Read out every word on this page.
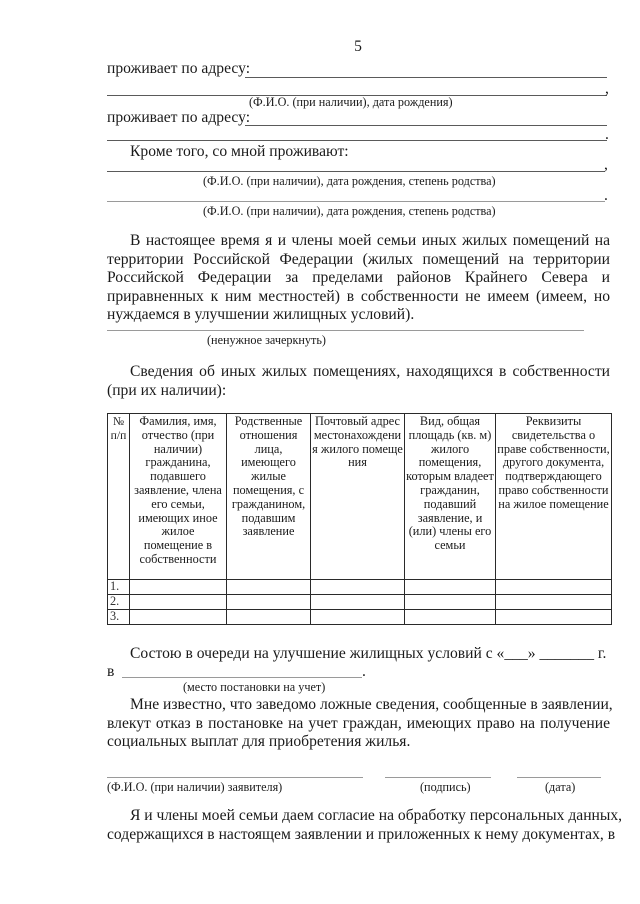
5
проживает по адресу:
,
(Ф.И.О. (при наличии), дата рождения)
проживает по адресу:
.
Кроме того, со мной проживают:
,
(Ф.И.О. (при наличии), дата рождения, степень родства)
.
(Ф.И.О. (при наличии), дата рождения, степень родства)
В настоящее время я и члены моей семьи иных жилых помещений на
территории Российской Федерации (жилых помещений на территории
Российской Федерации за пределами районов Крайнего Севера и
приравненных к ним местностей) в собственности не имеем (имеем, но
нуждаемся в улучшении жилищных условий).
(ненужное зачеркнуть)
Сведения об иных жилых помещениях, находящихся в собственности
(при их наличии):
№ п/п	Фамилия, имя, отчество (при наличии) гражданина, подавшего заявление, члена его семьи, имеющих иное жилое помещение в собственности	Родственные отношения лица, имеющего жилые помещения, с гражданином, подавшим заявление	Почтовый адрес местонахождения жилого помещения	Вид, общая площадь (кв. м) жилого помещения, которым владеет гражданин, подавший заявление, и (или) члены его семьи	Реквизиты свидетельства о праве собственности, другого документа, подтверждающего право собственности на жилое помещение
1.					
2.					
3.					
Состою в очереди на улучшение жилищных условий с «___» _______ г.
в	.
(место постановки на учет)
Мне известно, что заведомо ложные сведения, сообщенные в заявлении,
влекут отказ в постановке на учет граждан, имеющих право на получение
социальных выплат для приобретения жилья.
(Ф.И.О. (при наличии) заявителя)	(подпись)	(дата)
Я и члены моей семьи даем согласие на обработку персональных данных,
содержащихся в настоящем заявлении и приложенных к нему документах, в
